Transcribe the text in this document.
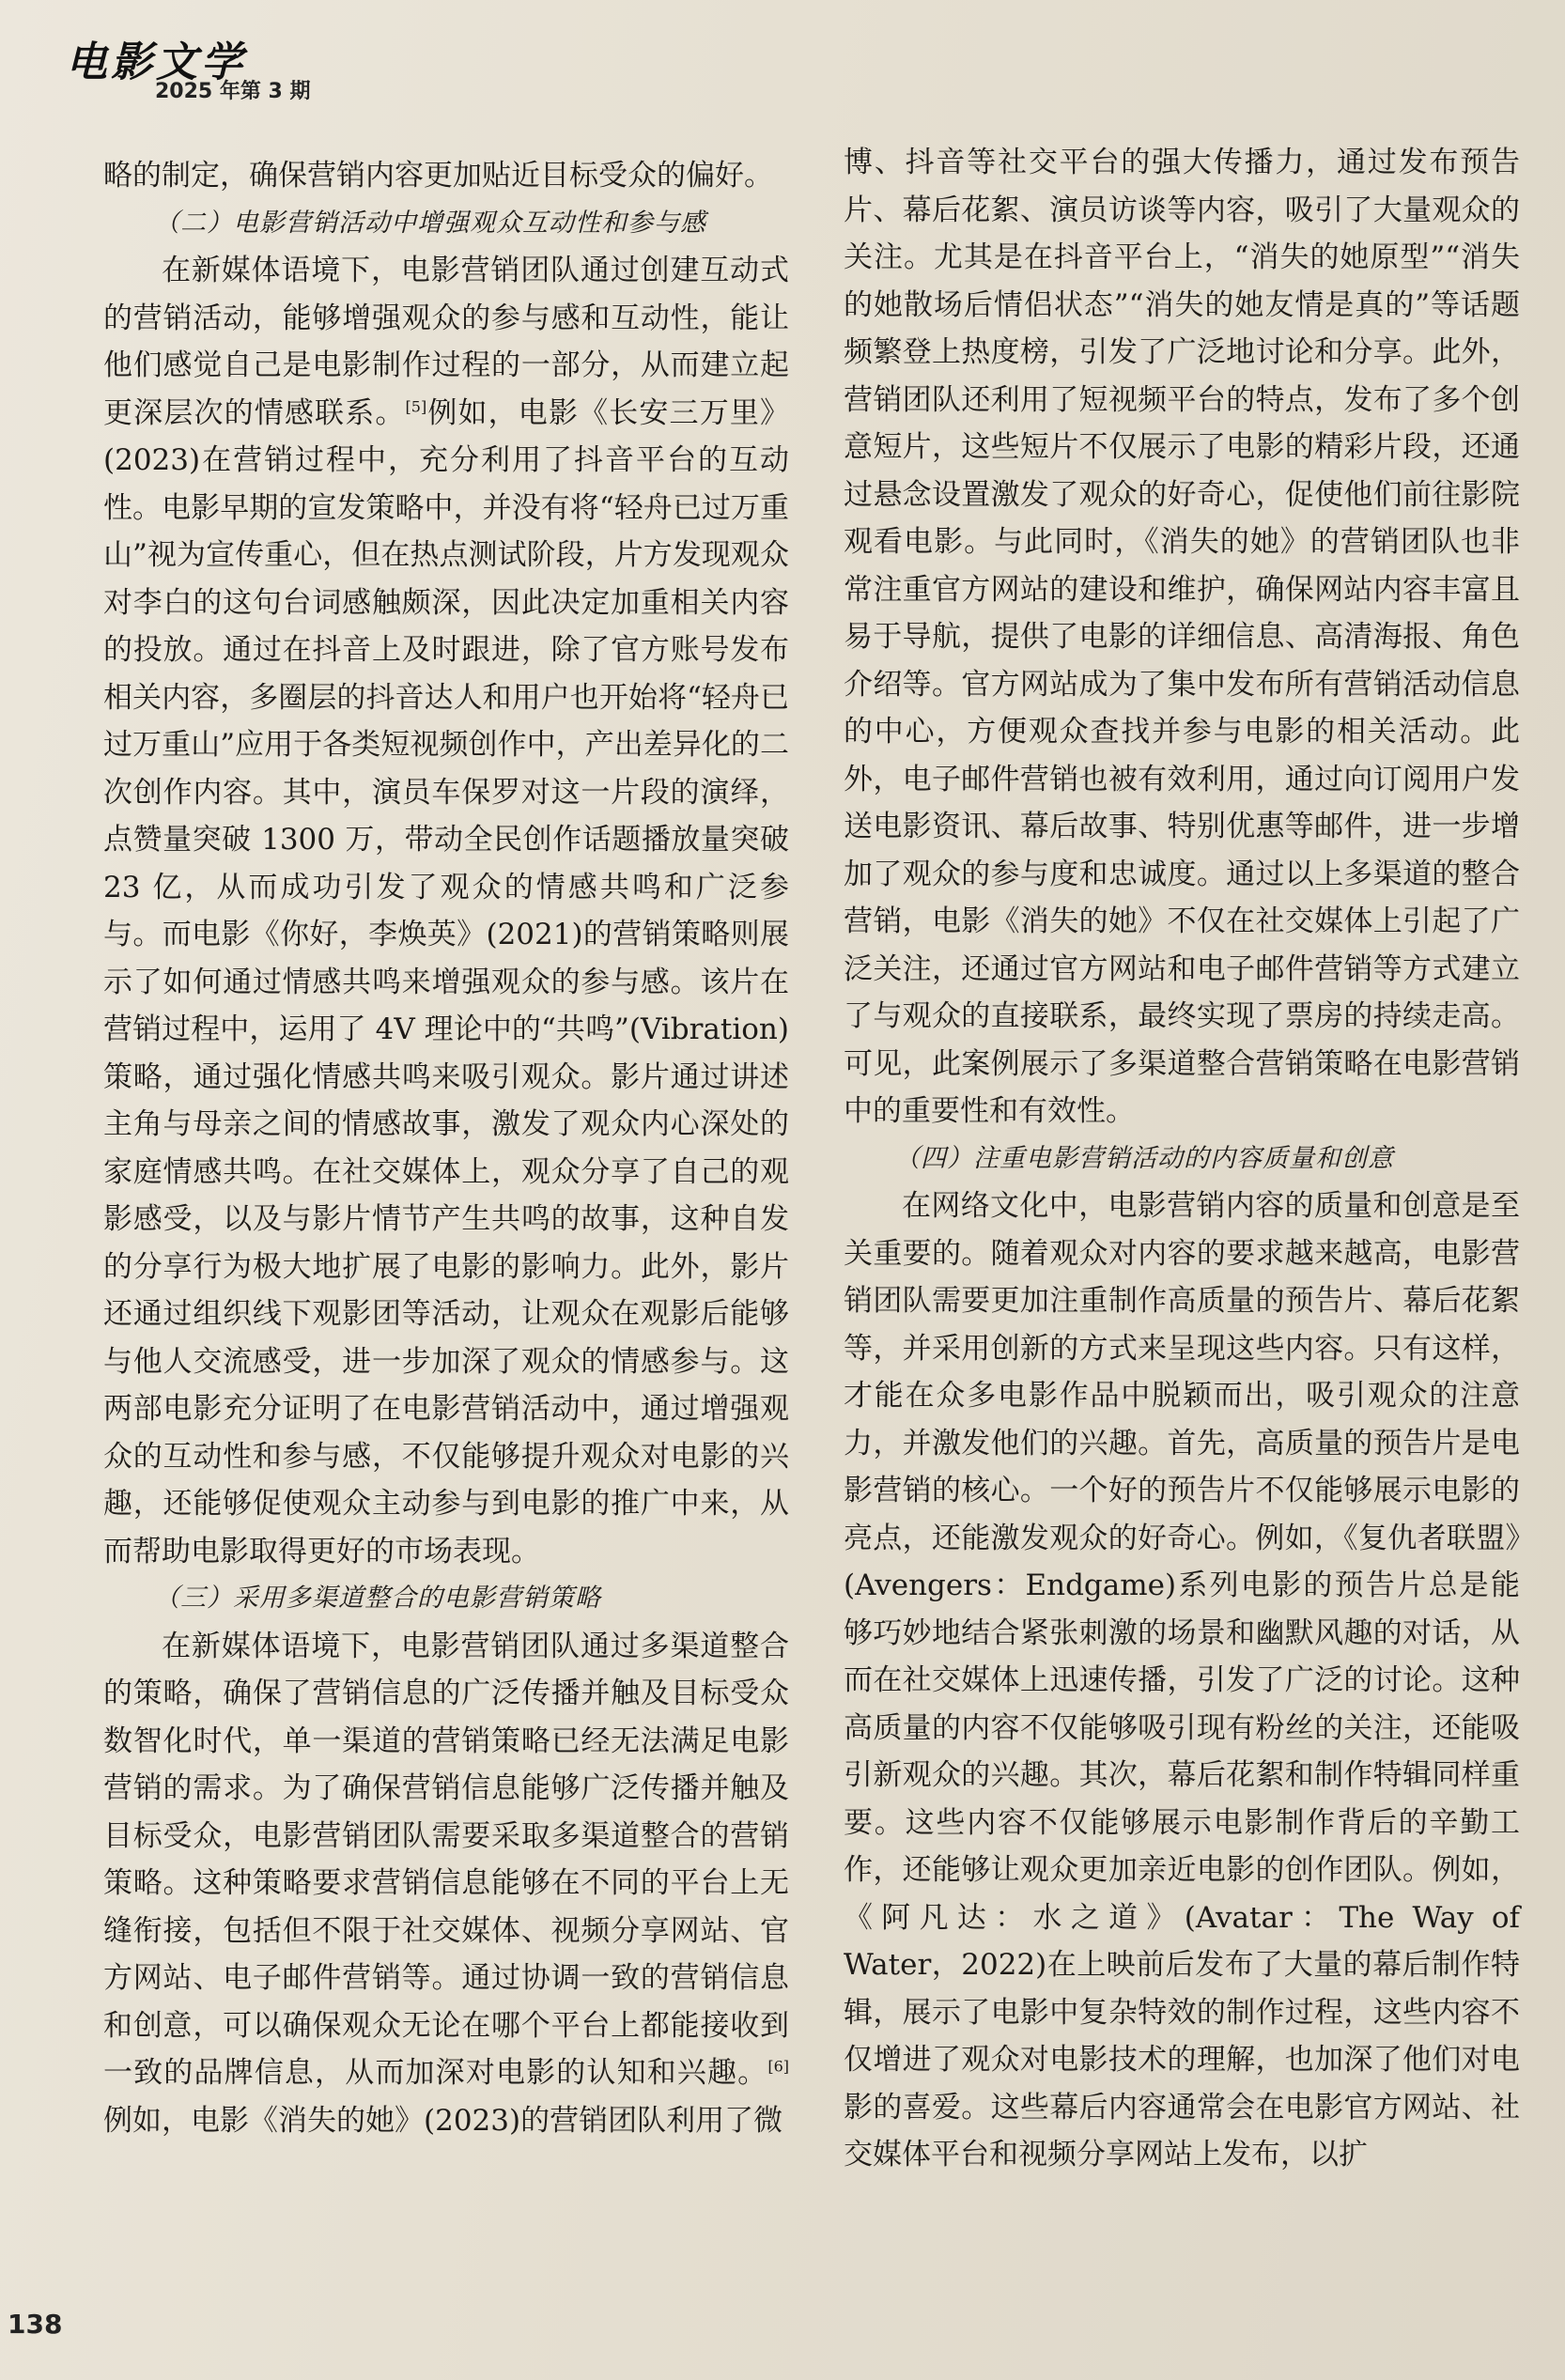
电影文学
2025 年第 3 期

略的制定，确保营销内容更加贴近目标受众的偏好。

（二）电影营销活动中增强观众互动性和参与感

在新媒体语境下，电影营销团队通过创建互动式的营销活动，能够增强观众的参与感和互动性，能让他们感觉自己是电影制作过程的一部分，从而建立起更深层次的情感联系。[5]例如，电影《长安三万里》(2023)在营销过程中，充分利用了抖音平台的互动性。电影早期的宣发策略中，并没有将“轻舟已过万重山”视为宣传重心，但在热点测试阶段，片方发现观众对李白的这句台词感触颇深，因此决定加重相关内容的投放。通过在抖音上及时跟进，除了官方账号发布相关内容，多圈层的抖音达人和用户也开始将“轻舟已过万重山”应用于各类短视频创作中，产出差异化的二次创作内容。其中，演员车保罗对这一片段的演绎，点赞量突破 1300 万，带动全民创作话题播放量突破 23 亿，从而成功引发了观众的情感共鸣和广泛参与。而电影《你好，李焕英》(2021)的营销策略则展示了如何通过情感共鸣来增强观众的参与感。该片在营销过程中，运用了 4V 理论中的“共鸣”(Vibration)策略，通过强化情感共鸣来吸引观众。影片通过讲述主角与母亲之间的情感故事，激发了观众内心深处的家庭情感共鸣。在社交媒体上，观众分享了自己的观影感受，以及与影片情节产生共鸣的故事，这种自发的分享行为极大地扩展了电影的影响力。此外，影片还通过组织线下观影团等活动，让观众在观影后能够与他人交流感受，进一步加深了观众的情感参与。这两部电影充分证明了在电影营销活动中，通过增强观众的互动性和参与感，不仅能够提升观众对电影的兴趣，还能够促使观众主动参与到电影的推广中来，从而帮助电影取得更好的市场表现。

（三）采用多渠道整合的电影营销策略

在新媒体语境下，电影营销团队通过多渠道整合的策略，确保了营销信息的广泛传播并触及目标受众数智化时代，单一渠道的营销策略已经无法满足电影营销的需求。为了确保营销信息能够广泛传播并触及目标受众，电影营销团队需要采取多渠道整合的营销策略。这种策略要求营销信息能够在不同的平台上无缝衔接，包括但不限于社交媒体、视频分享网站、官方网站、电子邮件营销等。通过协调一致的营销信息和创意，可以确保观众无论在哪个平台上都能接收到一致的品牌信息，从而加深对电影的认知和兴趣。[6]例如，电影《消失的她》(2023)的营销团队利用了微

博、抖音等社交平台的强大传播力，通过发布预告片、幕后花絮、演员访谈等内容，吸引了大量观众的关注。尤其是在抖音平台上，“消失的她原型”“消失的她散场后情侣状态”“消失的她友情是真的”等话题频繁登上热度榜，引发了广泛地讨论和分享。此外，营销团队还利用了短视频平台的特点，发布了多个创意短片，这些短片不仅展示了电影的精彩片段，还通过悬念设置激发了观众的好奇心，促使他们前往影院观看电影。与此同时，《消失的她》的营销团队也非常注重官方网站的建设和维护，确保网站内容丰富且易于导航，提供了电影的详细信息、高清海报、角色介绍等。官方网站成为了集中发布所有营销活动信息的中心，方便观众查找并参与电影的相关活动。此外，电子邮件营销也被有效利用，通过向订阅用户发送电影资讯、幕后故事、特别优惠等邮件，进一步增加了观众的参与度和忠诚度。通过以上多渠道的整合营销，电影《消失的她》不仅在社交媒体上引起了广泛关注，还通过官方网站和电子邮件营销等方式建立了与观众的直接联系，最终实现了票房的持续走高。可见，此案例展示了多渠道整合营销策略在电影营销中的重要性和有效性。

（四）注重电影营销活动的内容质量和创意

在网络文化中，电影营销内容的质量和创意是至关重要的。随着观众对内容的要求越来越高，电影营销团队需要更加注重制作高质量的预告片、幕后花絮等，并采用创新的方式来呈现这些内容。只有这样，才能在众多电影作品中脱颖而出，吸引观众的注意力，并激发他们的兴趣。首先，高质量的预告片是电影营销的核心。一个好的预告片不仅能够展示电影的亮点，还能激发观众的好奇心。例如，《复仇者联盟》(Avengers：Endgame)系列电影的预告片总是能够巧妙地结合紧张刺激的场景和幽默风趣的对话，从而在社交媒体上迅速传播，引发了广泛的讨论。这种高质量的内容不仅能够吸引现有粉丝的关注，还能吸引新观众的兴趣。其次，幕后花絮和制作特辑同样重要。这些内容不仅能够展示电影制作背后的辛勤工作，还能够让观众更加亲近电影的创作团队。例如，《阿凡达：水之道》(Avatar：The Way of Water，2022)在上映前后发布了大量的幕后制作特辑，展示了电影中复杂特效的制作过程，这些内容不仅增进了观众对电影技术的理解，也加深了他们对电影的喜爱。这些幕后内容通常会在电影官方网站、社交媒体平台和视频分享网站上发布，以扩

138
